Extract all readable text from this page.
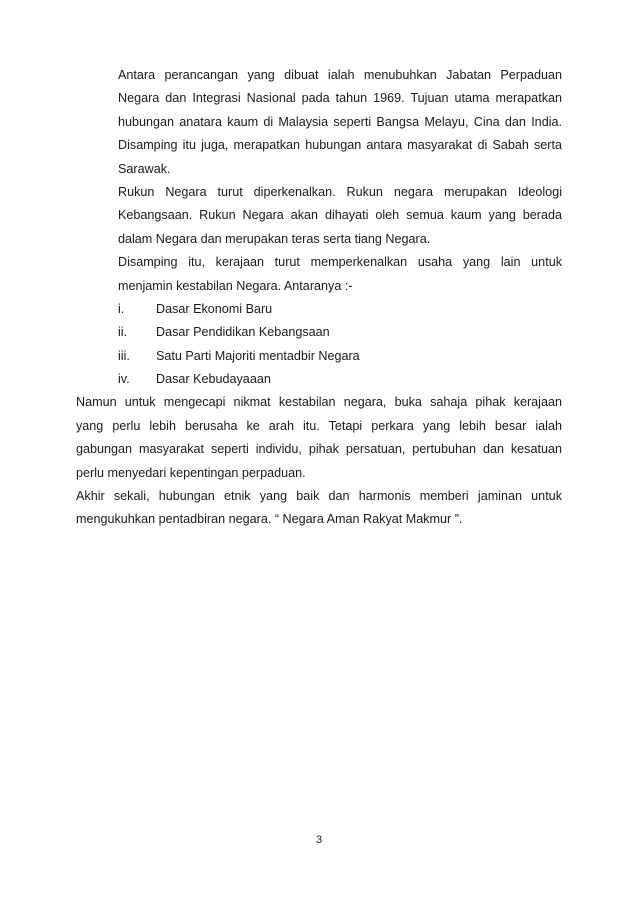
Antara perancangan yang dibuat ialah menubuhkan Jabatan Perpaduan
Negara dan Integrasi Nasional pada tahun 1969. Tujuan utama merapatkan
hubungan anatara kaum di Malaysia seperti Bangsa Melayu, Cina dan India.
Disamping itu juga, merapatkan hubungan antara masyarakat di Sabah serta
Sarawak.
Rukun Negara turut diperkenalkan. Rukun negara merupakan Ideologi
Kebangsaan. Rukun Negara akan dihayati oleh semua kaum yang berada
dalam Negara dan merupakan teras serta tiang Negara.
Disamping itu, kerajaan turut memperkenalkan usaha yang lain untuk
menjamin kestabilan Negara. Antaranya :-
i.	Dasar Ekonomi Baru
ii. Dasar Pendidikan Kebangsaan
iii. Satu Parti Majoriti mentadbir Negara
iv. Dasar Kebudayaaan
Namun untuk mengecapi nikmat kestabilan negara, buka sahaja pihak kerajaan
yang perlu lebih berusaha ke arah itu. Tetapi perkara yang lebih besar ialah
gabungan masyarakat seperti individu, pihak persatuan, pertubuhan dan kesatuan
perlu menyedari kepentingan perpaduan.
Akhir sekali, hubungan etnik yang baik dan harmonis memberi jaminan untuk
mengukuhkan pentadbiran negara. “ Negara Aman Rakyat Makmur ”.
3
